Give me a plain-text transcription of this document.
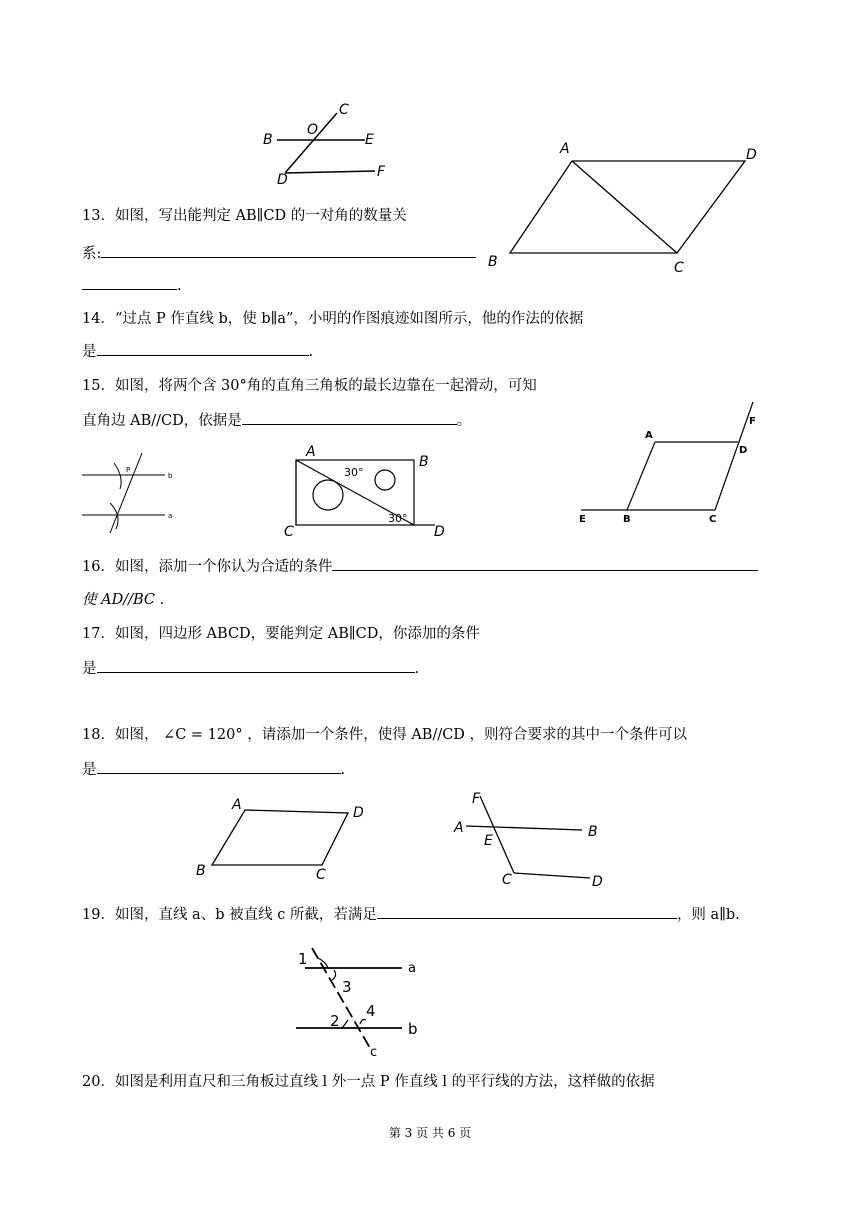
B
O
C
E
D	F
A	D
B	C
13．如图，写出能判定 AB∥CD 的一对角的数量关
系:
.
14．“过点 P 作直线 b，使 b∥a”，小明的作图痕迹如图所示，他的作法的依据
是	.
15．如图，将两个含 30°角的直角三角板的最长边靠在一起滑动，可知
直角边 AB//CD，依据是	。
P
b
a
A
B
C	D
30°
30°
A
D
F
E	B	C
16．如图，添加一个你认为合适的条件
使 AD//BC .
17．如图，四边形 ABCD，要能判定 AB∥CD，你添加的条件
是	.
18．如图， ∠C = 120° ，请添加一个条件，使得 AB//CD ，则符合要求的其中一个条件可以
是	.
A	D
B	C
F
A
E
B
C	D
19．如图，直线 a、b 被直线 c 所截，若满足	，则 a∥b.
1
3
a
2
4
b
c
20．如图是利用直尺和三角板过直线 l 外一点 P 作直线 l 的平行线的方法，这样做的依据
第 3 页 共 6 页
